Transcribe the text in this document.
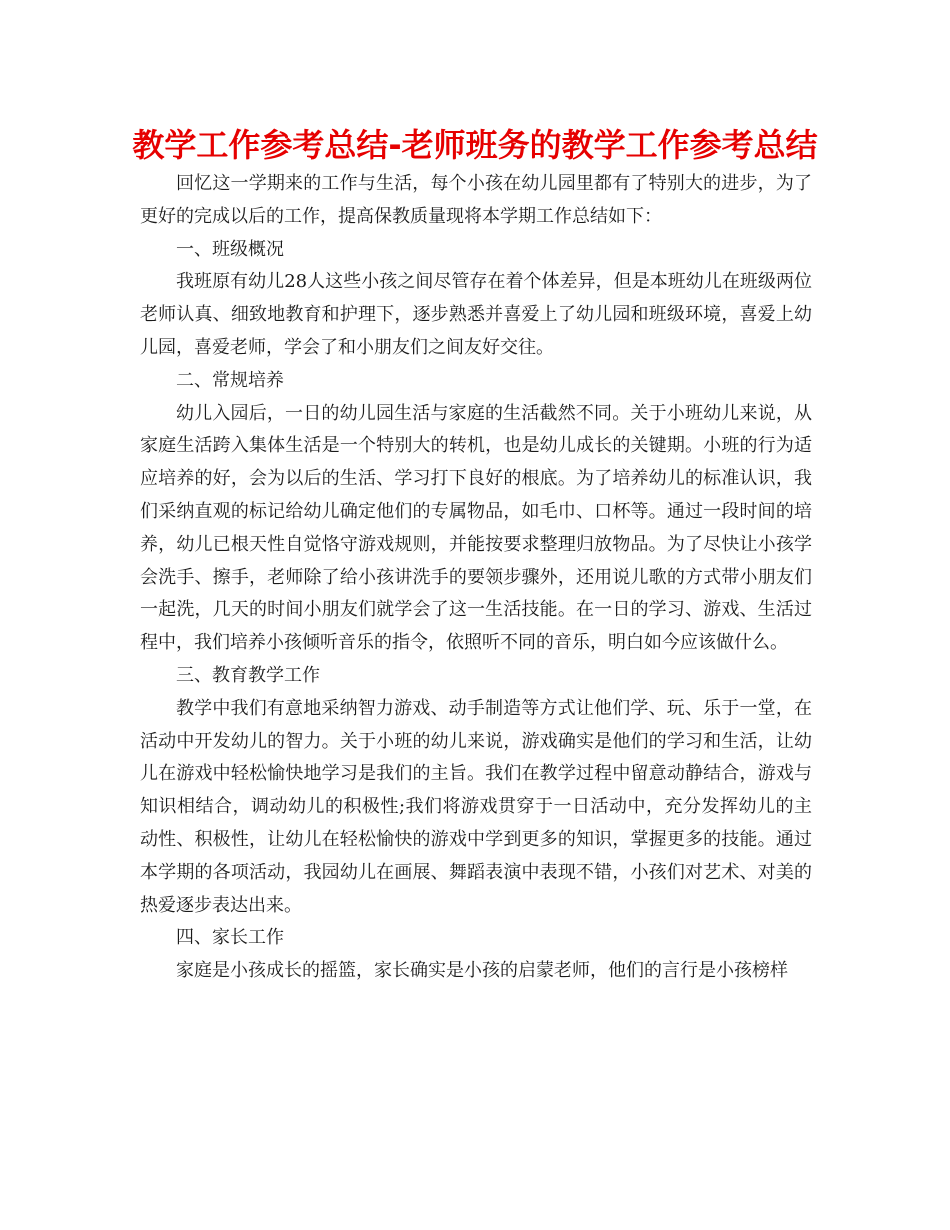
教学工作参考总结-老师班务的教学工作参考总结

回忆这一学期来的工作与生活，每个小孩在幼儿园里都有了特别大的进步，为了更好的完成以后的工作，提高保教质量现将本学期工作总结如下：

一、班级概况

我班原有幼儿28人这些小孩之间尽管存在着个体差异，但是本班幼儿在班级两位老师认真、细致地教育和护理下，逐步熟悉并喜爱上了幼儿园和班级环境，喜爱上幼儿园，喜爱老师，学会了和小朋友们之间友好交往。

二、常规培养

幼儿入园后，一日的幼儿园生活与家庭的生活截然不同。关于小班幼儿来说，从家庭生活跨入集体生活是一个特别大的转机，也是幼儿成长的关键期。小班的行为适应培养的好，会为以后的生活、学习打下良好的根底。为了培养幼儿的标准认识，我们采纳直观的标记给幼儿确定他们的专属物品，如毛巾、口杯等。通过一段时间的培养，幼儿已根天性自觉恪守游戏规则，并能按要求整理归放物品。为了尽快让小孩学会洗手、擦手，老师除了给小孩讲洗手的要领步骤外，还用说儿歌的方式带小朋友们一起洗，几天的时间小朋友们就学会了这一生活技能。在一日的学习、游戏、生活过程中，我们培养小孩倾听音乐的指令，依照听不同的音乐，明白如今应该做什么。

三、教育教学工作

教学中我们有意地采纳智力游戏、动手制造等方式让他们学、玩、乐于一堂，在活动中开发幼儿的智力。关于小班的幼儿来说，游戏确实是他们的学习和生活，让幼儿在游戏中轻松愉快地学习是我们的主旨。我们在教学过程中留意动静结合，游戏与知识相结合，调动幼儿的积极性;我们将游戏贯穿于一日活动中，充分发挥幼儿的主动性、积极性，让幼儿在轻松愉快的游戏中学到更多的知识，掌握更多的技能。通过本学期的各项活动，我园幼儿在画展、舞蹈表演中表现不错，小孩们对艺术、对美的热爱逐步表达出来。

四、家长工作

家庭是小孩成长的摇篮，家长确实是小孩的启蒙老师，他们的言行是小孩榜样
